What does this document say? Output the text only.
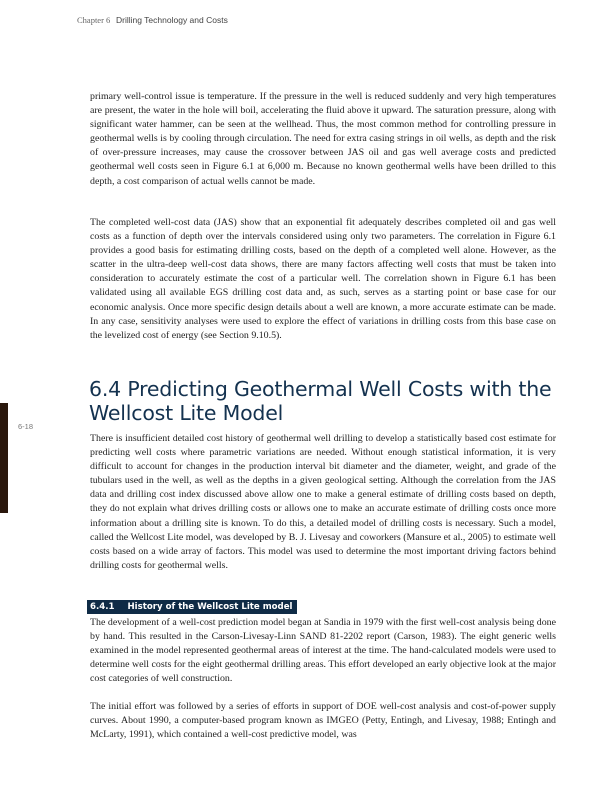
Chapter 6 Drilling Technology and Costs
6-18

primary well-control issue is temperature. If the pressure in the well is reduced suddenly and very high temperatures are present, the water in the hole will boil, accelerating the fluid above it upward. The saturation pressure, along with significant water hammer, can be seen at the wellhead. Thus, the most common method for controlling pressure in geothermal wells is by cooling through circulation. The need for extra casing strings in oil wells, as depth and the risk of over-pressure increases, may cause the crossover between JAS oil and gas well average costs and predicted geothermal well costs seen in Figure 6.1 at 6,000 m. Because no known geothermal wells have been drilled to this depth, a cost comparison of actual wells cannot be made.

The completed well-cost data (JAS) show that an exponential fit adequately describes completed oil and gas well costs as a function of depth over the intervals considered using only two parameters. The correlation in Figure 6.1 provides a good basis for estimating drilling costs, based on the depth of a completed well alone. However, as the scatter in the ultra-deep well-cost data shows, there are many factors affecting well costs that must be taken into consideration to accurately estimate the cost of a particular well. The correlation shown in Figure 6.1 has been validated using all available EGS drilling cost data and, as such, serves as a starting point or base case for our economic analysis. Once more specific design details about a well are known, a more accurate estimate can be made. In any case, sensitivity analyses were used to explore the effect of variations in drilling costs from this base case on the levelized cost of energy (see Section 9.10.5).

6.4 Predicting Geothermal Well Costs with the Wellcost Lite Model

There is insufficient detailed cost history of geothermal well drilling to develop a statistically based cost estimate for predicting well costs where parametric variations are needed. Without enough statistical information, it is very difficult to account for changes in the production interval bit diameter and the diameter, weight, and grade of the tubulars used in the well, as well as the depths in a given geological setting. Although the correlation from the JAS data and drilling cost index discussed above allow one to make a general estimate of drilling costs based on depth, they do not explain what drives drilling costs or allows one to make an accurate estimate of drilling costs once more information about a drilling site is known. To do this, a detailed model of drilling costs is necessary. Such a model, called the Wellcost Lite model, was developed by B. J. Livesay and coworkers (Mansure et al., 2005) to estimate well costs based on a wide array of factors. This model was used to determine the most important driving factors behind drilling costs for geothermal wells.

6.4.1 History of the Wellcost Lite model

The development of a well-cost prediction model began at Sandia in 1979 with the first well-cost analysis being done by hand. This resulted in the Carson-Livesay-Linn SAND 81-2202 report (Carson, 1983). The eight generic wells examined in the model represented geothermal areas of interest at the time. The hand-calculated models were used to determine well costs for the eight geothermal drilling areas. This effort developed an early objective look at the major cost categories of well construction.

The initial effort was followed by a series of efforts in support of DOE well-cost analysis and cost-of-power supply curves. About 1990, a computer-based program known as IMGEO (Petty, Entingh, and Livesay, 1988; Entingh and McLarty, 1991), which contained a well-cost predictive model, was
